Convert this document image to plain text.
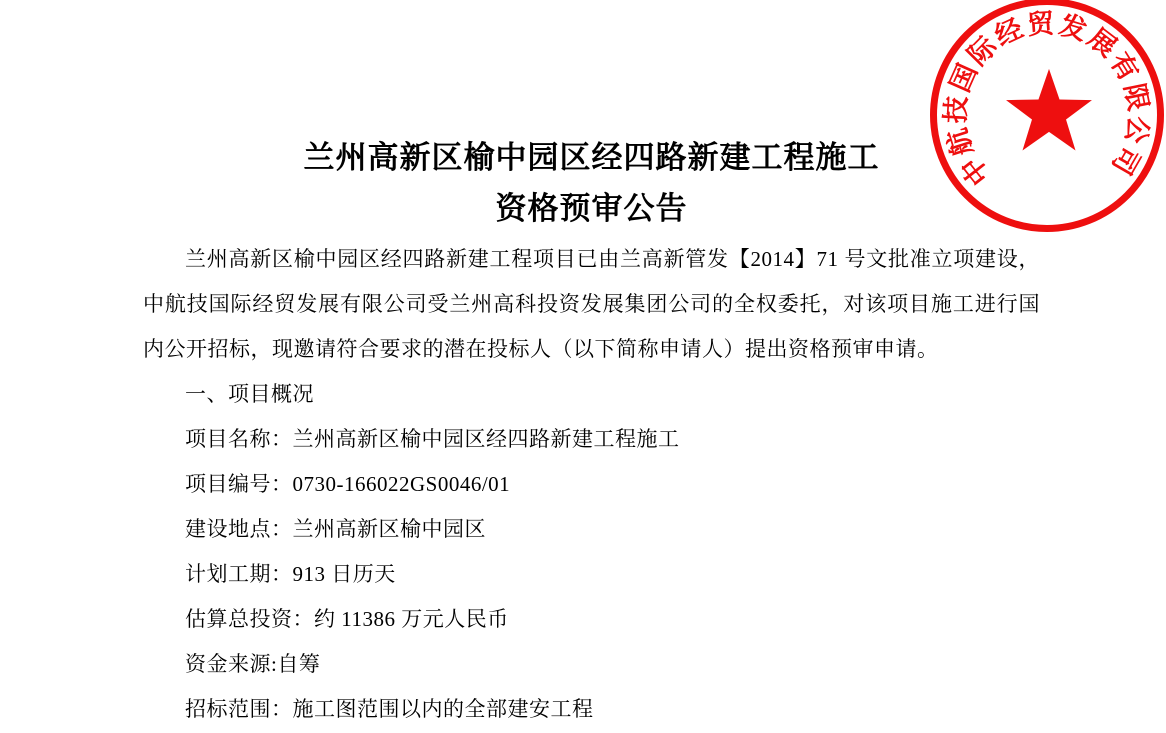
兰州高新区榆中园区经四路新建工程施工
资格预审公告

兰州高新区榆中园区经四路新建工程项目已由兰高新管发【2014】71 号文批准立项建设，中航技国际经贸发展有限公司受兰州高科投资发展集团公司的全权委托，对该项目施工进行国内公开招标，现邀请符合要求的潜在投标人（以下简称申请人）提出资格预审申请。

一、项目概况
项目名称：兰州高新区榆中园区经四路新建工程施工
项目编号：0730-166022GS0046/01
建设地点：兰州高新区榆中园区
计划工期：913 日历天
估算总投资：约 11386 万元人民币
资金来源:自筹
招标范围：施工图范围以内的全部建安工程
中
航
技
国
际
经
贸 发
展
有
限
公
司
